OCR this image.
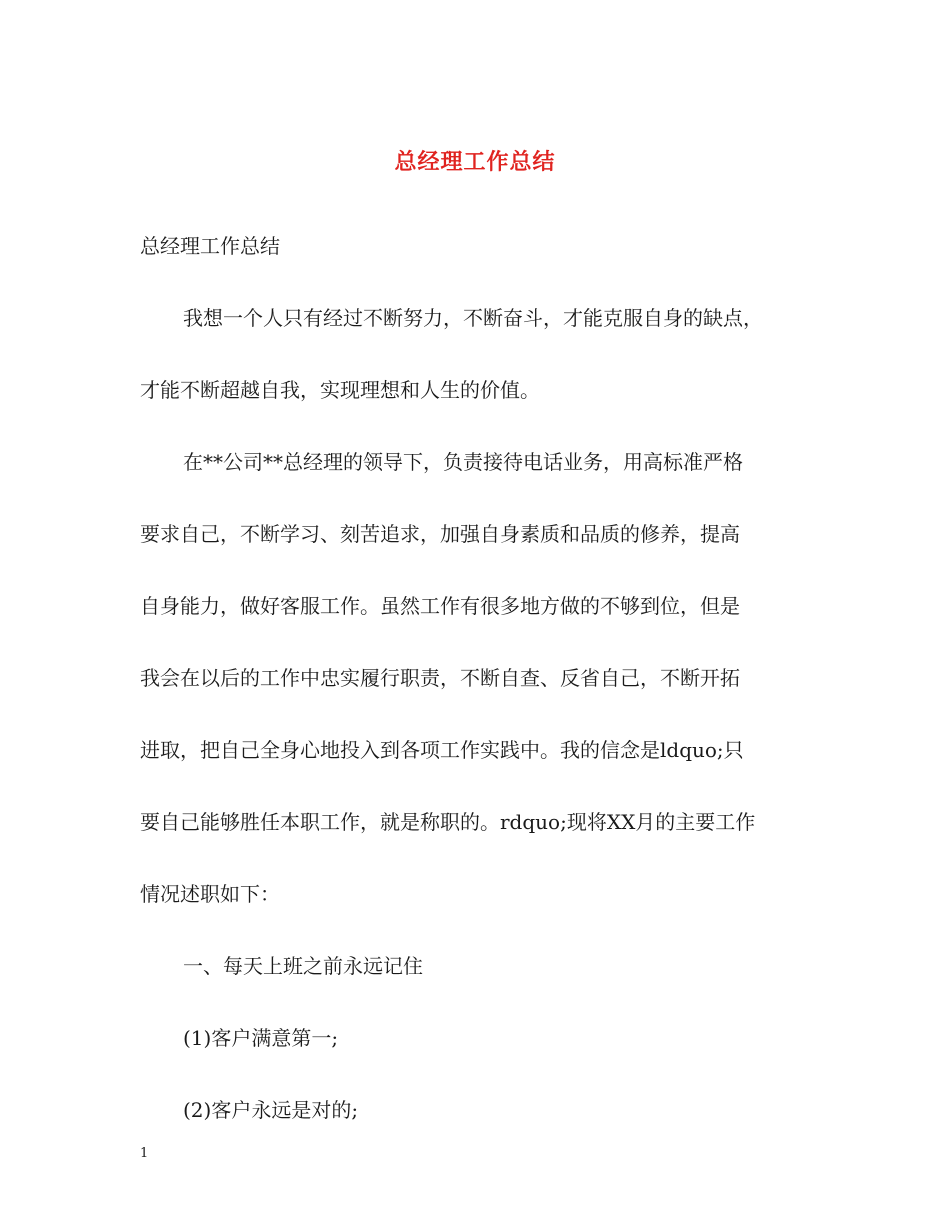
总经理工作总结

总经理工作总结

我想一个人只有经过不断努力，不断奋斗，才能克服自身的缺点，

才能不断超越自我，实现理想和人生的价值。

在**公司**总经理的领导下，负责接待电话业务，用高标准严格

要求自己，不断学习、刻苦追求，加强自身素质和品质的修养，提高

自身能力，做好客服工作。虽然工作有很多地方做的不够到位，但是

我会在以后的工作中忠实履行职责，不断自查、反省自己，不断开拓

进取，把自己全身心地投入到各项工作实践中。我的信念是ldquo;只

要自己能够胜任本职工作，就是称职的。rdquo;现将XX月的主要工作

情况述职如下：

一、每天上班之前永远记住

(1)客户满意第一;

(2)客户永远是对的;

1
